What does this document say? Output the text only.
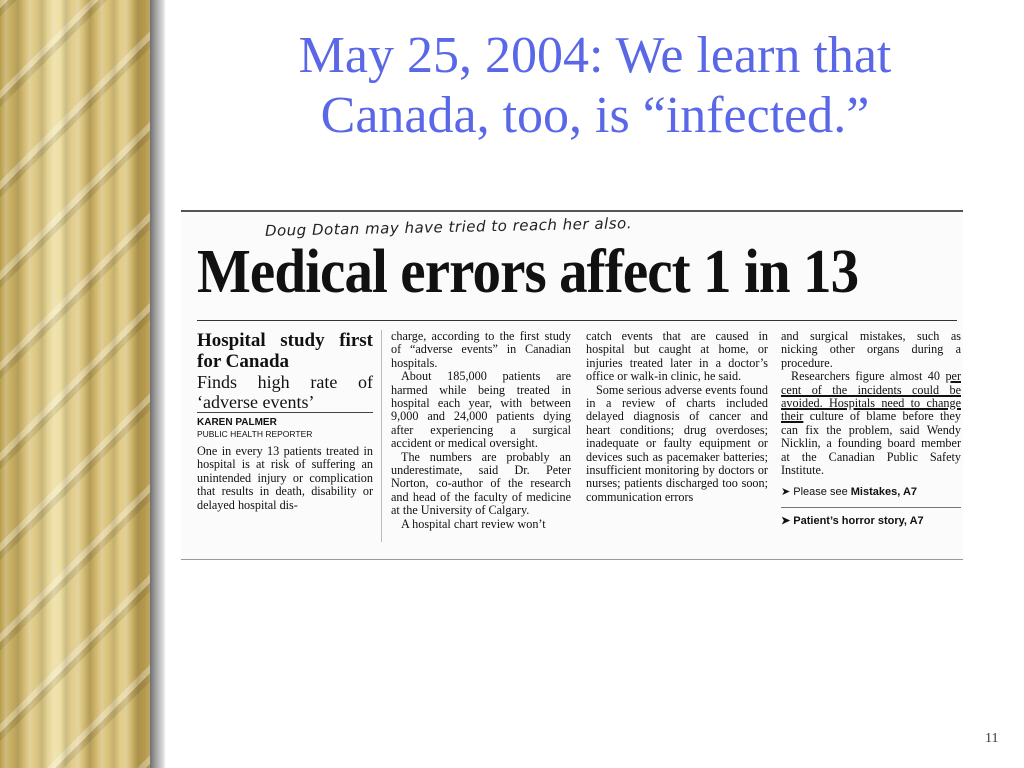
May 25, 2004: We learn that
Canada, too, is “infected.”
Doug Dotan may have tried to reach her also.
Medical errors affect 1 in 13

Hospital study first for Canada

Finds high rate of ‘adverse events’

KAREN PALMER
PUBLIC HEALTH REPORTER

One in every 13 patients treated in hospital is at risk of suffering an unintended injury or complication that results in death, disability or delayed hospital dis-

charge, according to the first study of “adverse events” in Canadian hospitals.

About 185,000 patients are harmed while being treated in hospital each year, with between 9,000 and 24,000 patients dying after experiencing a surgical accident or medical oversight.

The numbers are probably an underestimate, said Dr. Peter Norton, co-author of the research and head of the faculty of medicine at the University of Calgary.

A hospital chart review won’t

catch events that are caused in hospital but caught at home, or injuries treated later in a doctor’s office or walk-in clinic, he said.

Some serious adverse events found in a review of charts included delayed diagnosis of cancer and heart conditions; drug overdoses; inadequate or faulty equipment or devices such as pacemaker batteries; insufficient monitoring by doctors or nurses; patients discharged too soon; communication errors

and surgical mistakes, such as nicking other organs during a procedure.

Researchers figure almost 40 per cent of the incidents could be avoided. Hospitals need to change their culture of blame before they can fix the problem, said Wendy Nicklin, a founding board member at the Canadian Public Safety Institute.

➤ Please see Mistakes, A7
➤ Patient’s horror story, A7
11
